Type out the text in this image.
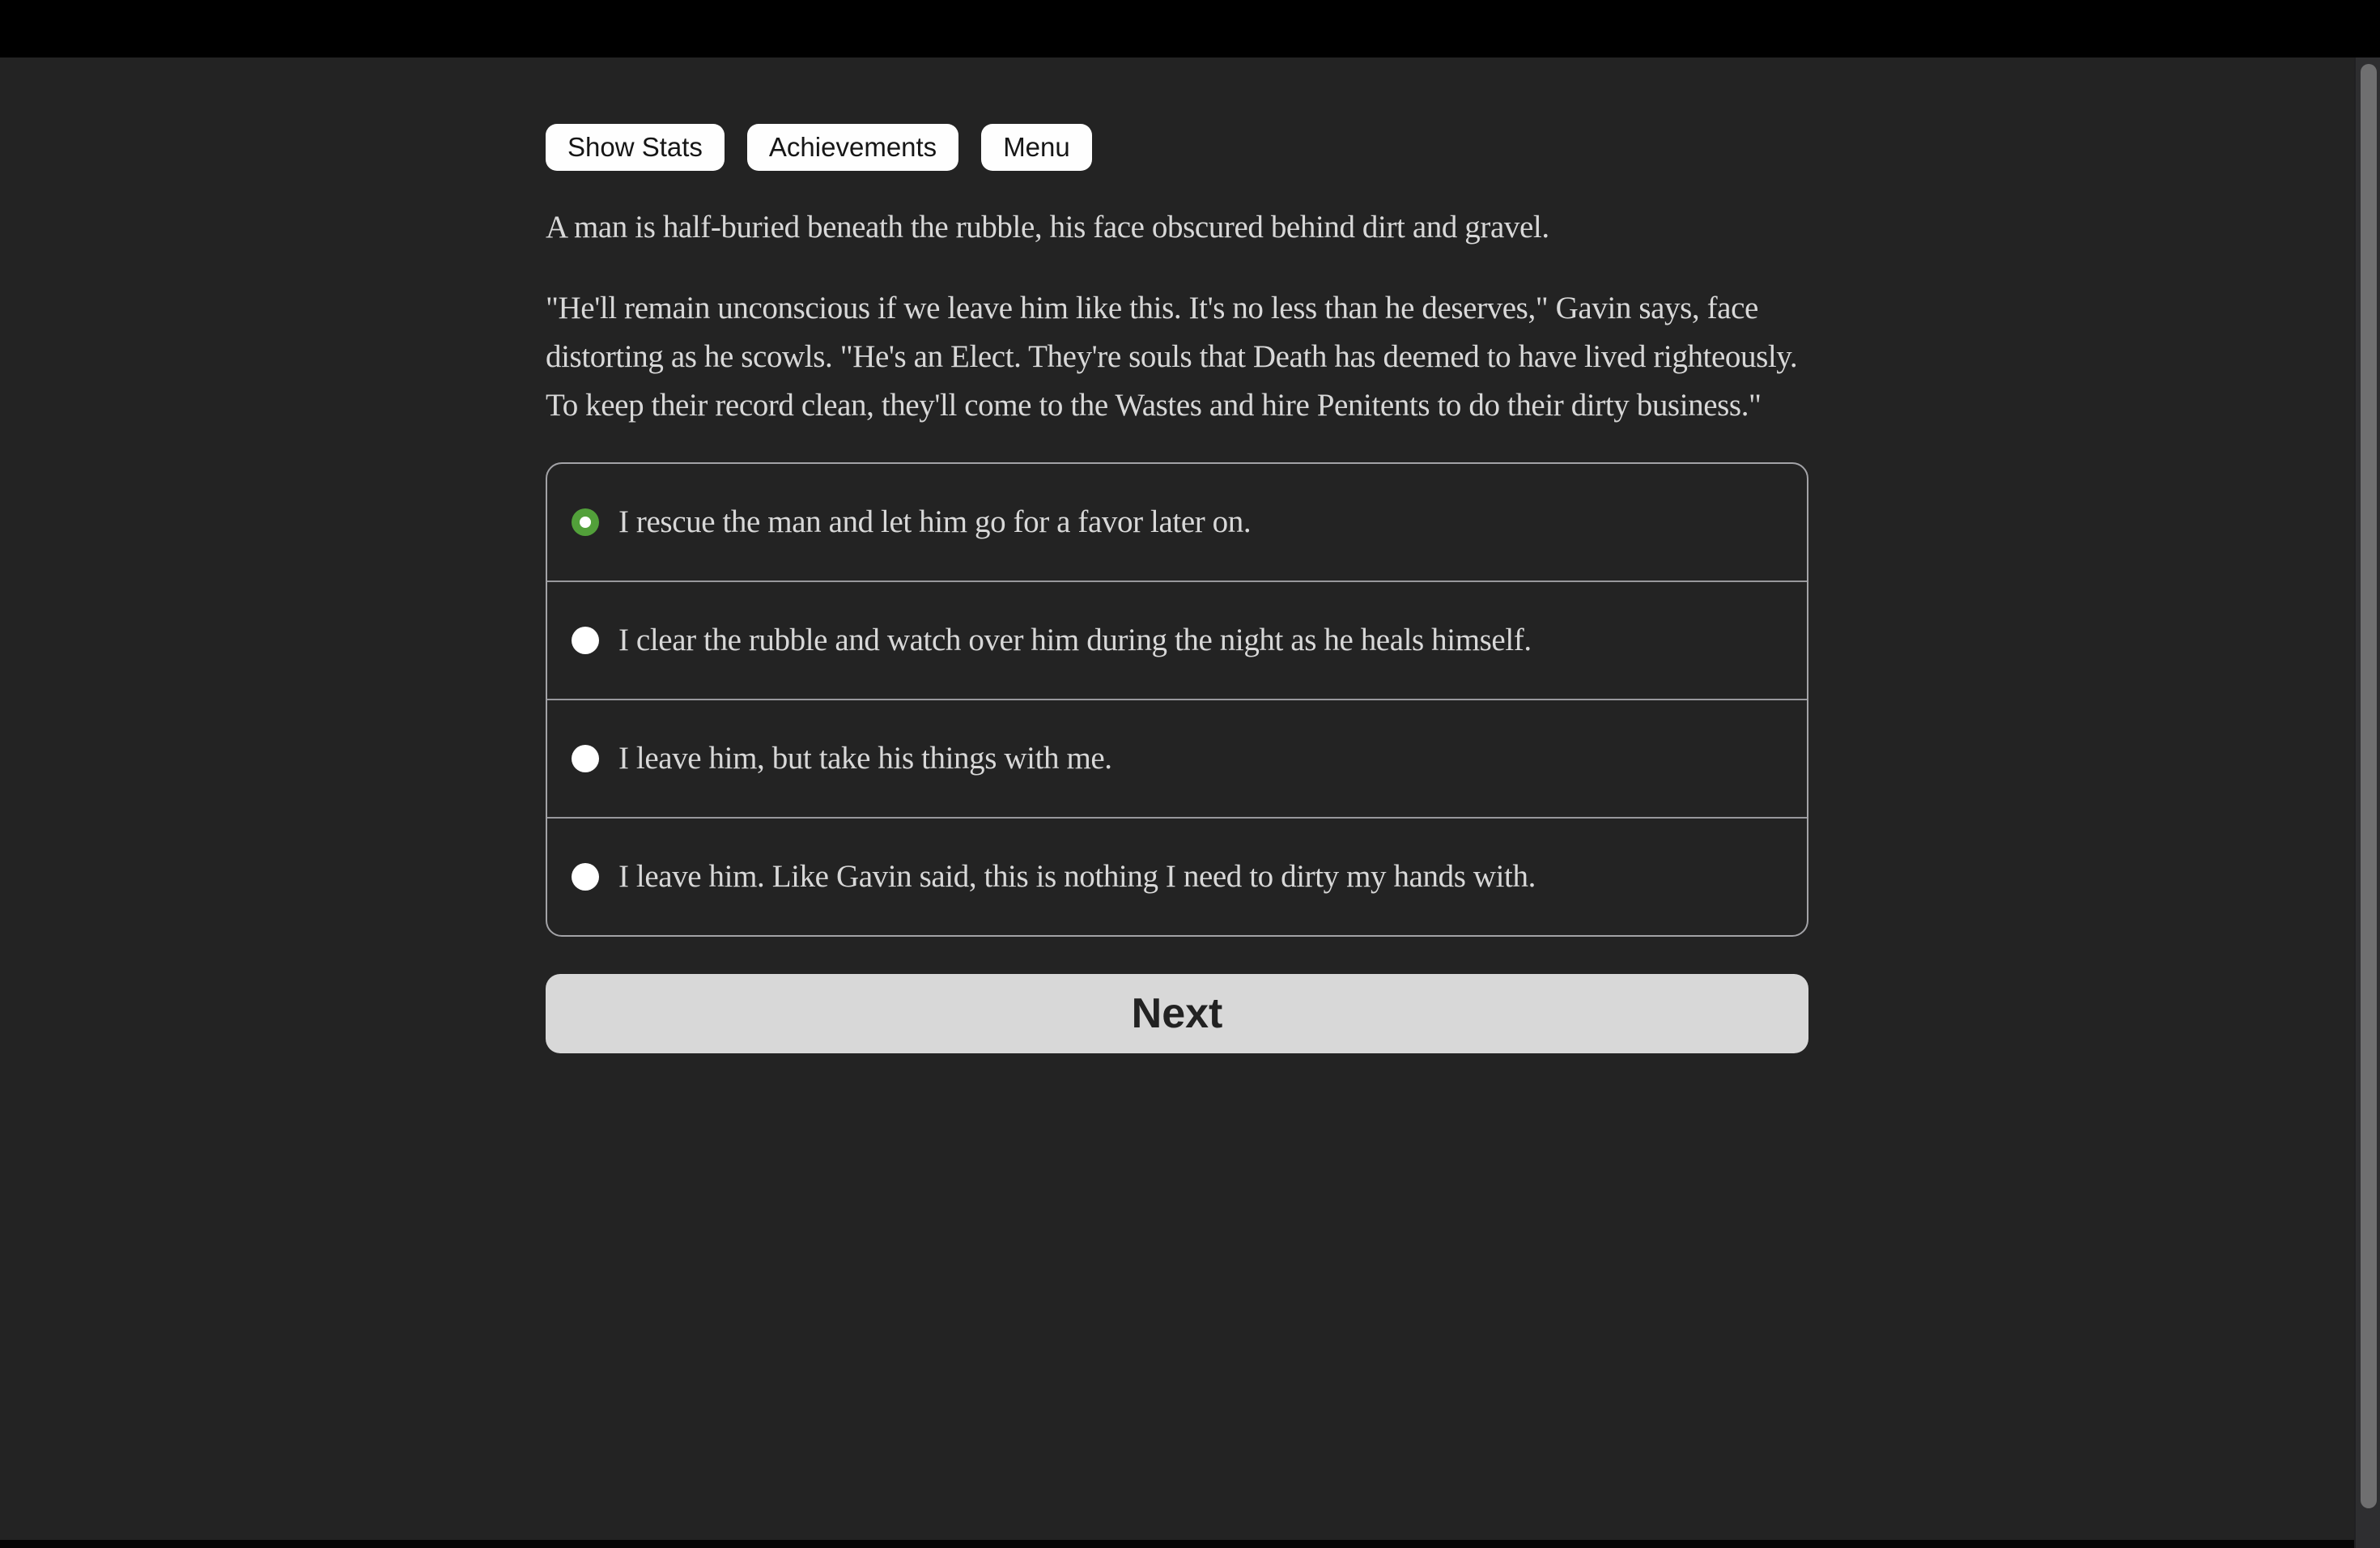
Show Stats	Achievements	Menu

A man is half-buried beneath the rubble, his face obscured behind dirt and gravel.

"He'll remain unconscious if we leave him like this. It's no less than he deserves," Gavin says, face distorting as he scowls. "He's an Elect. They're souls that Death has deemed to have lived righteously. To keep their record clean, they'll come to the Wastes and hire Penitents to do their dirty business."

I rescue the man and let him go for a favor later on.
I clear the rubble and watch over him during the night as he heals himself.
I leave him, but take his things with me.
I leave him. Like Gavin said, this is nothing I need to dirty my hands with.
Next
